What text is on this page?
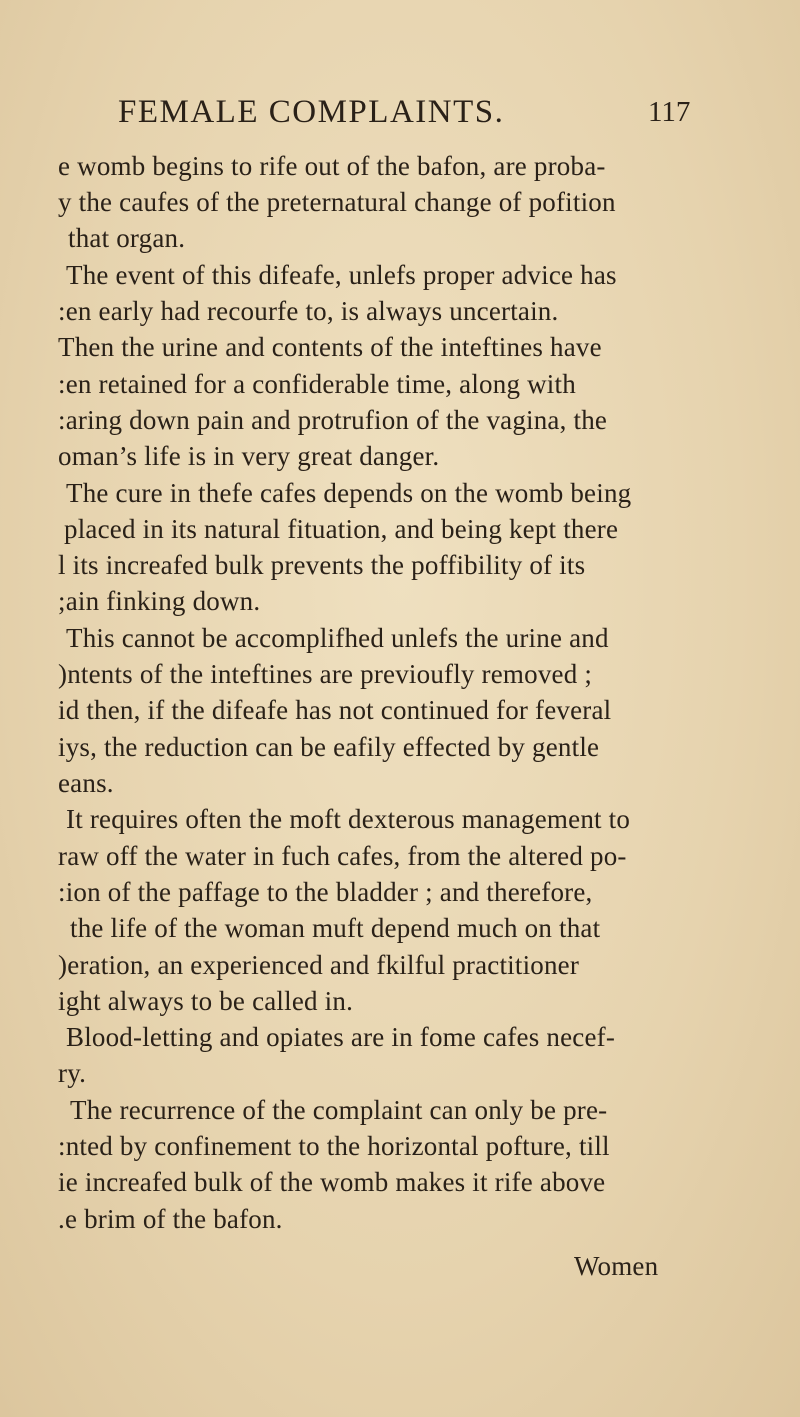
FEMALE COMPLAINTS.	117
e womb begins to rife out of the bafon, are proba-
y the caufes of the preternatural change of pofition
that organ.
The event of this difeafe, unlefs proper advice has
:en early had recourfe to, is always uncertain.
Then the urine and contents of the inteftines have
:en retained for a confiderable time, along with
:aring down pain and protrufion of the vagina, the
oman’s life is in very great danger.
The cure in thefe cafes depends on the womb being
placed in its natural fituation, and being kept there
l its increafed bulk prevents the poffibility of its
;ain finking down.
This cannot be accomplifhed unlefs the urine and
)ntents of the inteftines are previoufly removed ;
id then, if the difeafe has not continued for feveral
iys, the reduction can be eafily effected by gentle
eans.
It requires often the moft dexterous management to
raw off the water in fuch cafes, from the altered po-
:ion of the paffage to the bladder ; and therefore,
the life of the woman muft depend much on that
)eration, an experienced and fkilful practitioner
ight always to be called in.
Blood-letting and opiates are in fome cafes necef-
ry.
The recurrence of the complaint can only be pre-
:nted by confinement to the horizontal pofture, till
ie increafed bulk of the womb makes it rife above
.e brim of the bafon.
Women
